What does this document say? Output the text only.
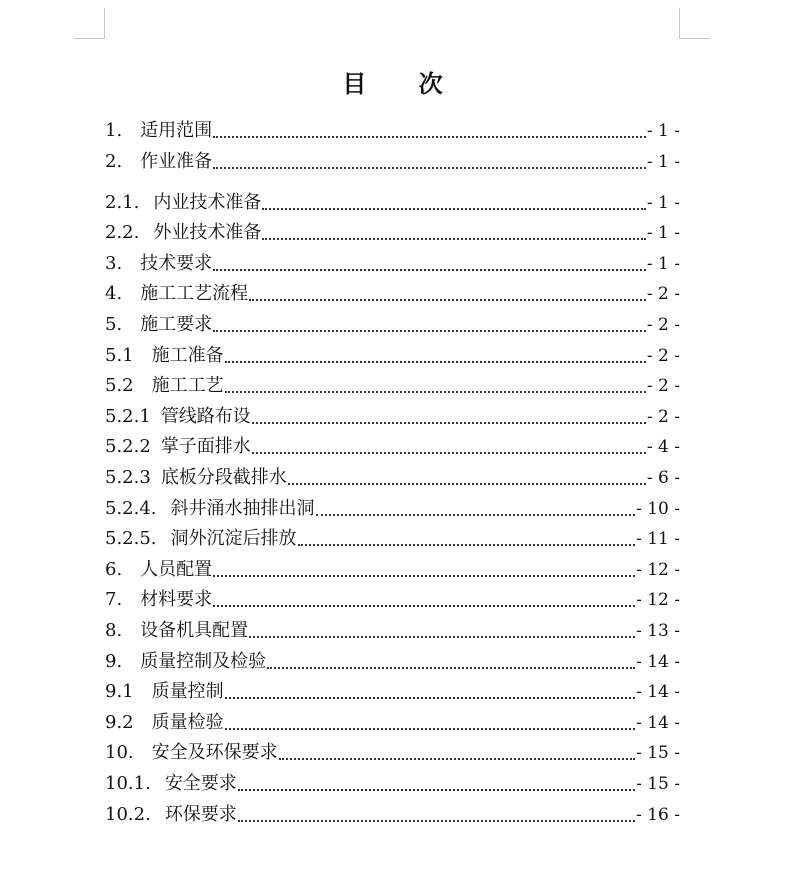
目 次
1. 适用范围	- 1 -
2. 作业准备	- 1 -
2.1. 内业技术准备	- 1 -
2.2. 外业技术准备	- 1 -
3. 技术要求	- 1 -
4. 施工工艺流程	- 2 -
5. 施工要求	- 2 -
5.1 施工准备	- 2 -
5.2 施工工艺	- 2 -
5.2.1 管线路布设	- 2 -
5.2.2 掌子面排水	- 4 -
5.2.3 底板分段截排水	- 6 -
5.2.4. 斜井涌水抽排出洞	- 10 -
5.2.5. 洞外沉淀后排放	- 11 -
6. 人员配置	- 12 -
7. 材料要求	- 12 -
8. 设备机具配置	- 13 -
9. 质量控制及检验	- 14 -
9.1 质量控制	- 14 -
9.2 质量检验	- 14 -
10. 安全及环保要求	- 15 -
10.1. 安全要求	- 15 -
10.2. 环保要求	- 16 -
